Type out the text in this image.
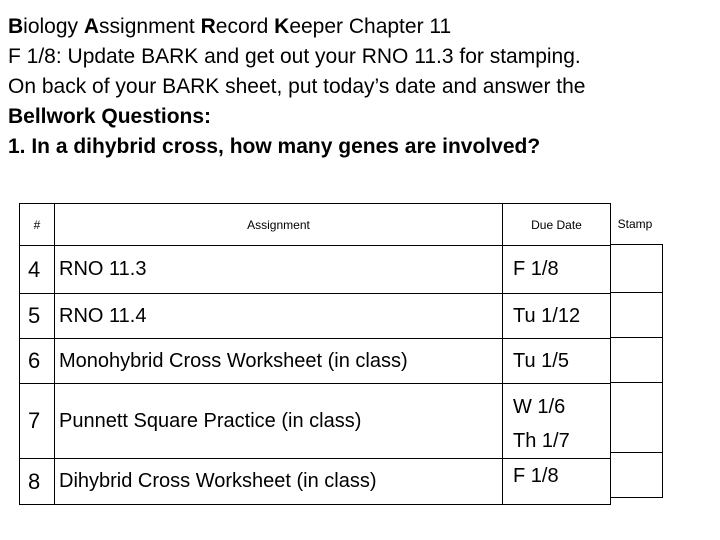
Biology Assignment Record Keeper Chapter 11
F 1/8: Update BARK and get out your RNO 11.3 for stamping.
On back of your BARK sheet, put today’s date and answer the
Bellwork Questions:
1. In a dihybrid cross, how many genes are involved?
#	Assignment	Due Date
4	RNO 11.3	F 1/8
5	RNO 11.4	Tu 1/12
6	Monohybrid Cross Worksheet (in class)	Tu 1/5
7	Punnett Square Practice (in class)	W 1/6
Th 1/7

8	Dihybrid Cross Worksheet (in class)	F 1/8
Stamp
